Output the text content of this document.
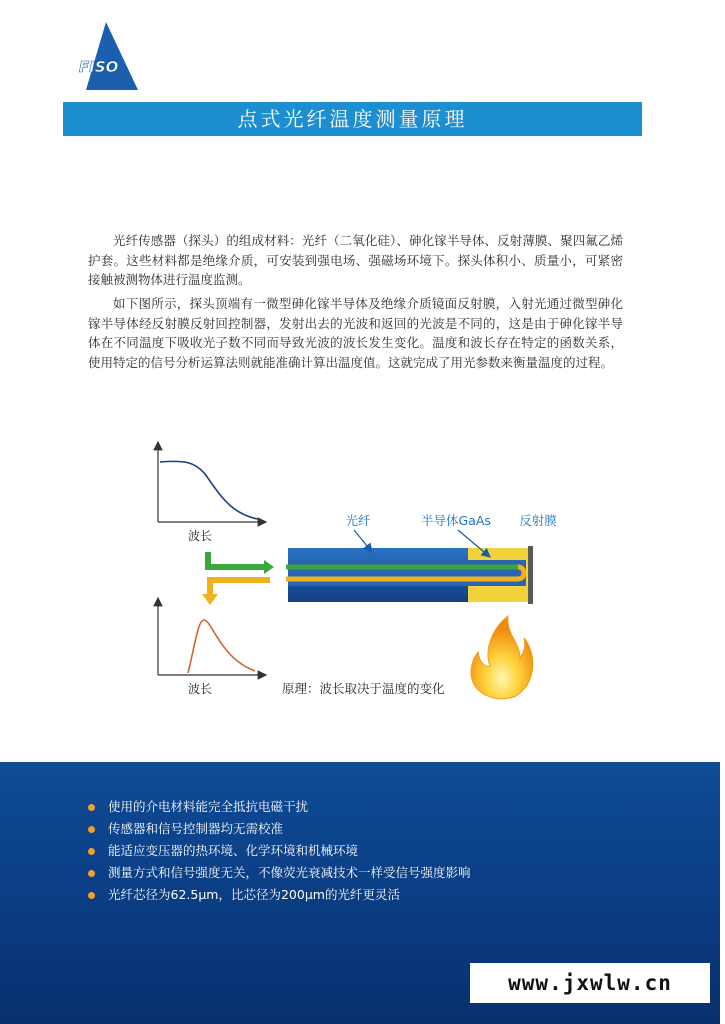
FISO
点式光纤温度测量原理

光纤传感器（探头）的组成材料：光纤（二氧化硅）、砷化镓半导体、反射薄膜、聚四氟乙烯护套。这些材料都是绝缘介质，可安装到强电场、强磁场环境下。探头体积小、质量小，可紧密接触被测物体进行温度监测。

如下图所示，探头顶端有一微型砷化镓半导体及绝缘介质镜面反射膜，入射光通过微型砷化镓半导体经反射膜反射回控制器，发射出去的光波和返回的光波是不同的，这是由于砷化镓半导体在不同温度下吸收光子数不同而导致光波的波长发生变化。温度和波长存在特定的函数关系，使用特定的信号分析运算法则就能准确计算出温度值。这就完成了用光参数来衡量温度的过程。

波长
波长
光纤	半导体GaAs 反射膜
原理：波长取决于温度的变化
使用的介电材料能完全抵抗电磁干扰
传感器和信号控制器均无需校准
能适应变压器的热环境、化学环境和机械环境
测量方式和信号强度无关，不像荧光衰减技术一样受信号强度影响
光纤芯径为62.5μm，比芯径为200μm的光纤更灵活
www.jxwlw.cn
